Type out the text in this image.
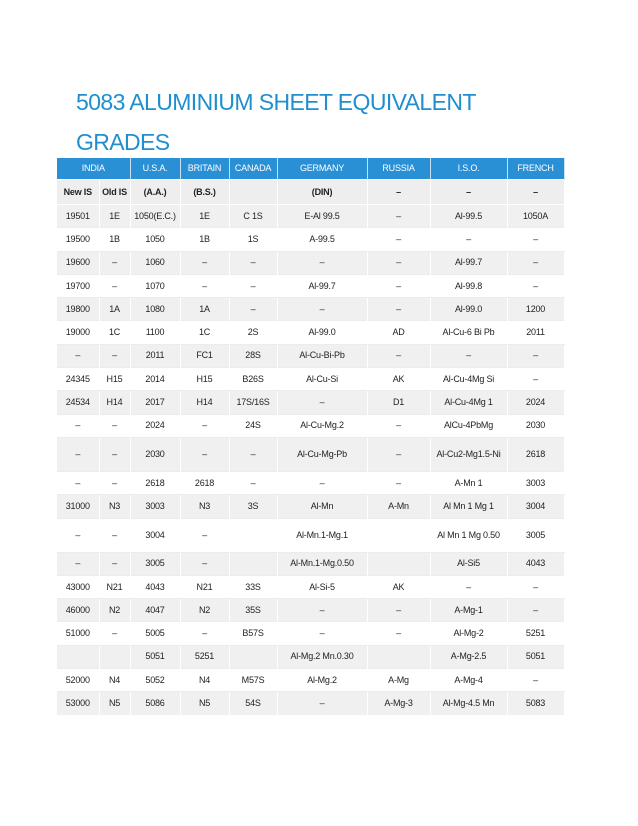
5083 ALUMINIUM SHEET EQUIVALENT GRADES
INDIA		U.S.A.	BRITAIN	CANADA	GERMANY	RUSSIA	I.S.O.	FRENCH
New IS	Old IS	(A.A.)	(B.S.)		(DIN)	–	–	–
19501	1E	1050(E.C.)	1E	C 1S	E-Al 99.5	–	Al-99.5	1050A
19500	1B	1050	1B	1S	A-99.5	–	–	–
19600	–	1060	–	–	–	–	Al-99.7	–
19700	–	1070	–	–	Al-99.7	–	Al-99.8	–
19800	1A	1080	1A	–	–	–	Al-99.0	1200
19000	1C	1100	1C	2S	Al-99.0	AD	Al-Cu-6 Bi Pb	2011
–	–	2011	FC1	28S	Al-Cu-Bi-Pb	–	–	–
24345	H15	2014	H15	B26S	Al-Cu-Si	AK	Al-Cu-4Mg Si	–
24534	H14	2017	H14	17S/16S	–	D1	Al-Cu-4Mg 1	2024
–	–	2024	–	24S	Al-Cu-Mg.2	–	AlCu-4PbMg	2030
–	–	2030	–	–	Al-Cu-Mg-Pb	–	Al-Cu2-Mg1.5-Ni	2618
–	–	2618	2618	–	–	–	A-Mn 1	3003
31000	N3	3003	N3	3S	Al-Mn	A-Mn	Al Mn 1 Mg 1	3004
–	–	3004	–		Al-Mn.1-Mg.1		Al Mn 1 Mg 0.50	3005
–	–	3005	–		Al-Mn.1-Mg.0.50		Al-Si5	4043
43000	N21	4043	N21	33S	Al-Si-5	AK	–	–
46000	N2	4047	N2	35S	–	–	A-Mg-1	–
51000	–	5005	–	B57S	–	–	Al-Mg-2	5251
		5051	5251		Al-Mg.2 Mn.0.30		A-Mg-2.5	5051
52000	N4	5052	N4	M57S	Al-Mg.2	A-Mg	A-Mg-4	–
53000	N5	5086	N5	54S	–	A-Mg-3	Al-Mg-4.5 Mn	5083
